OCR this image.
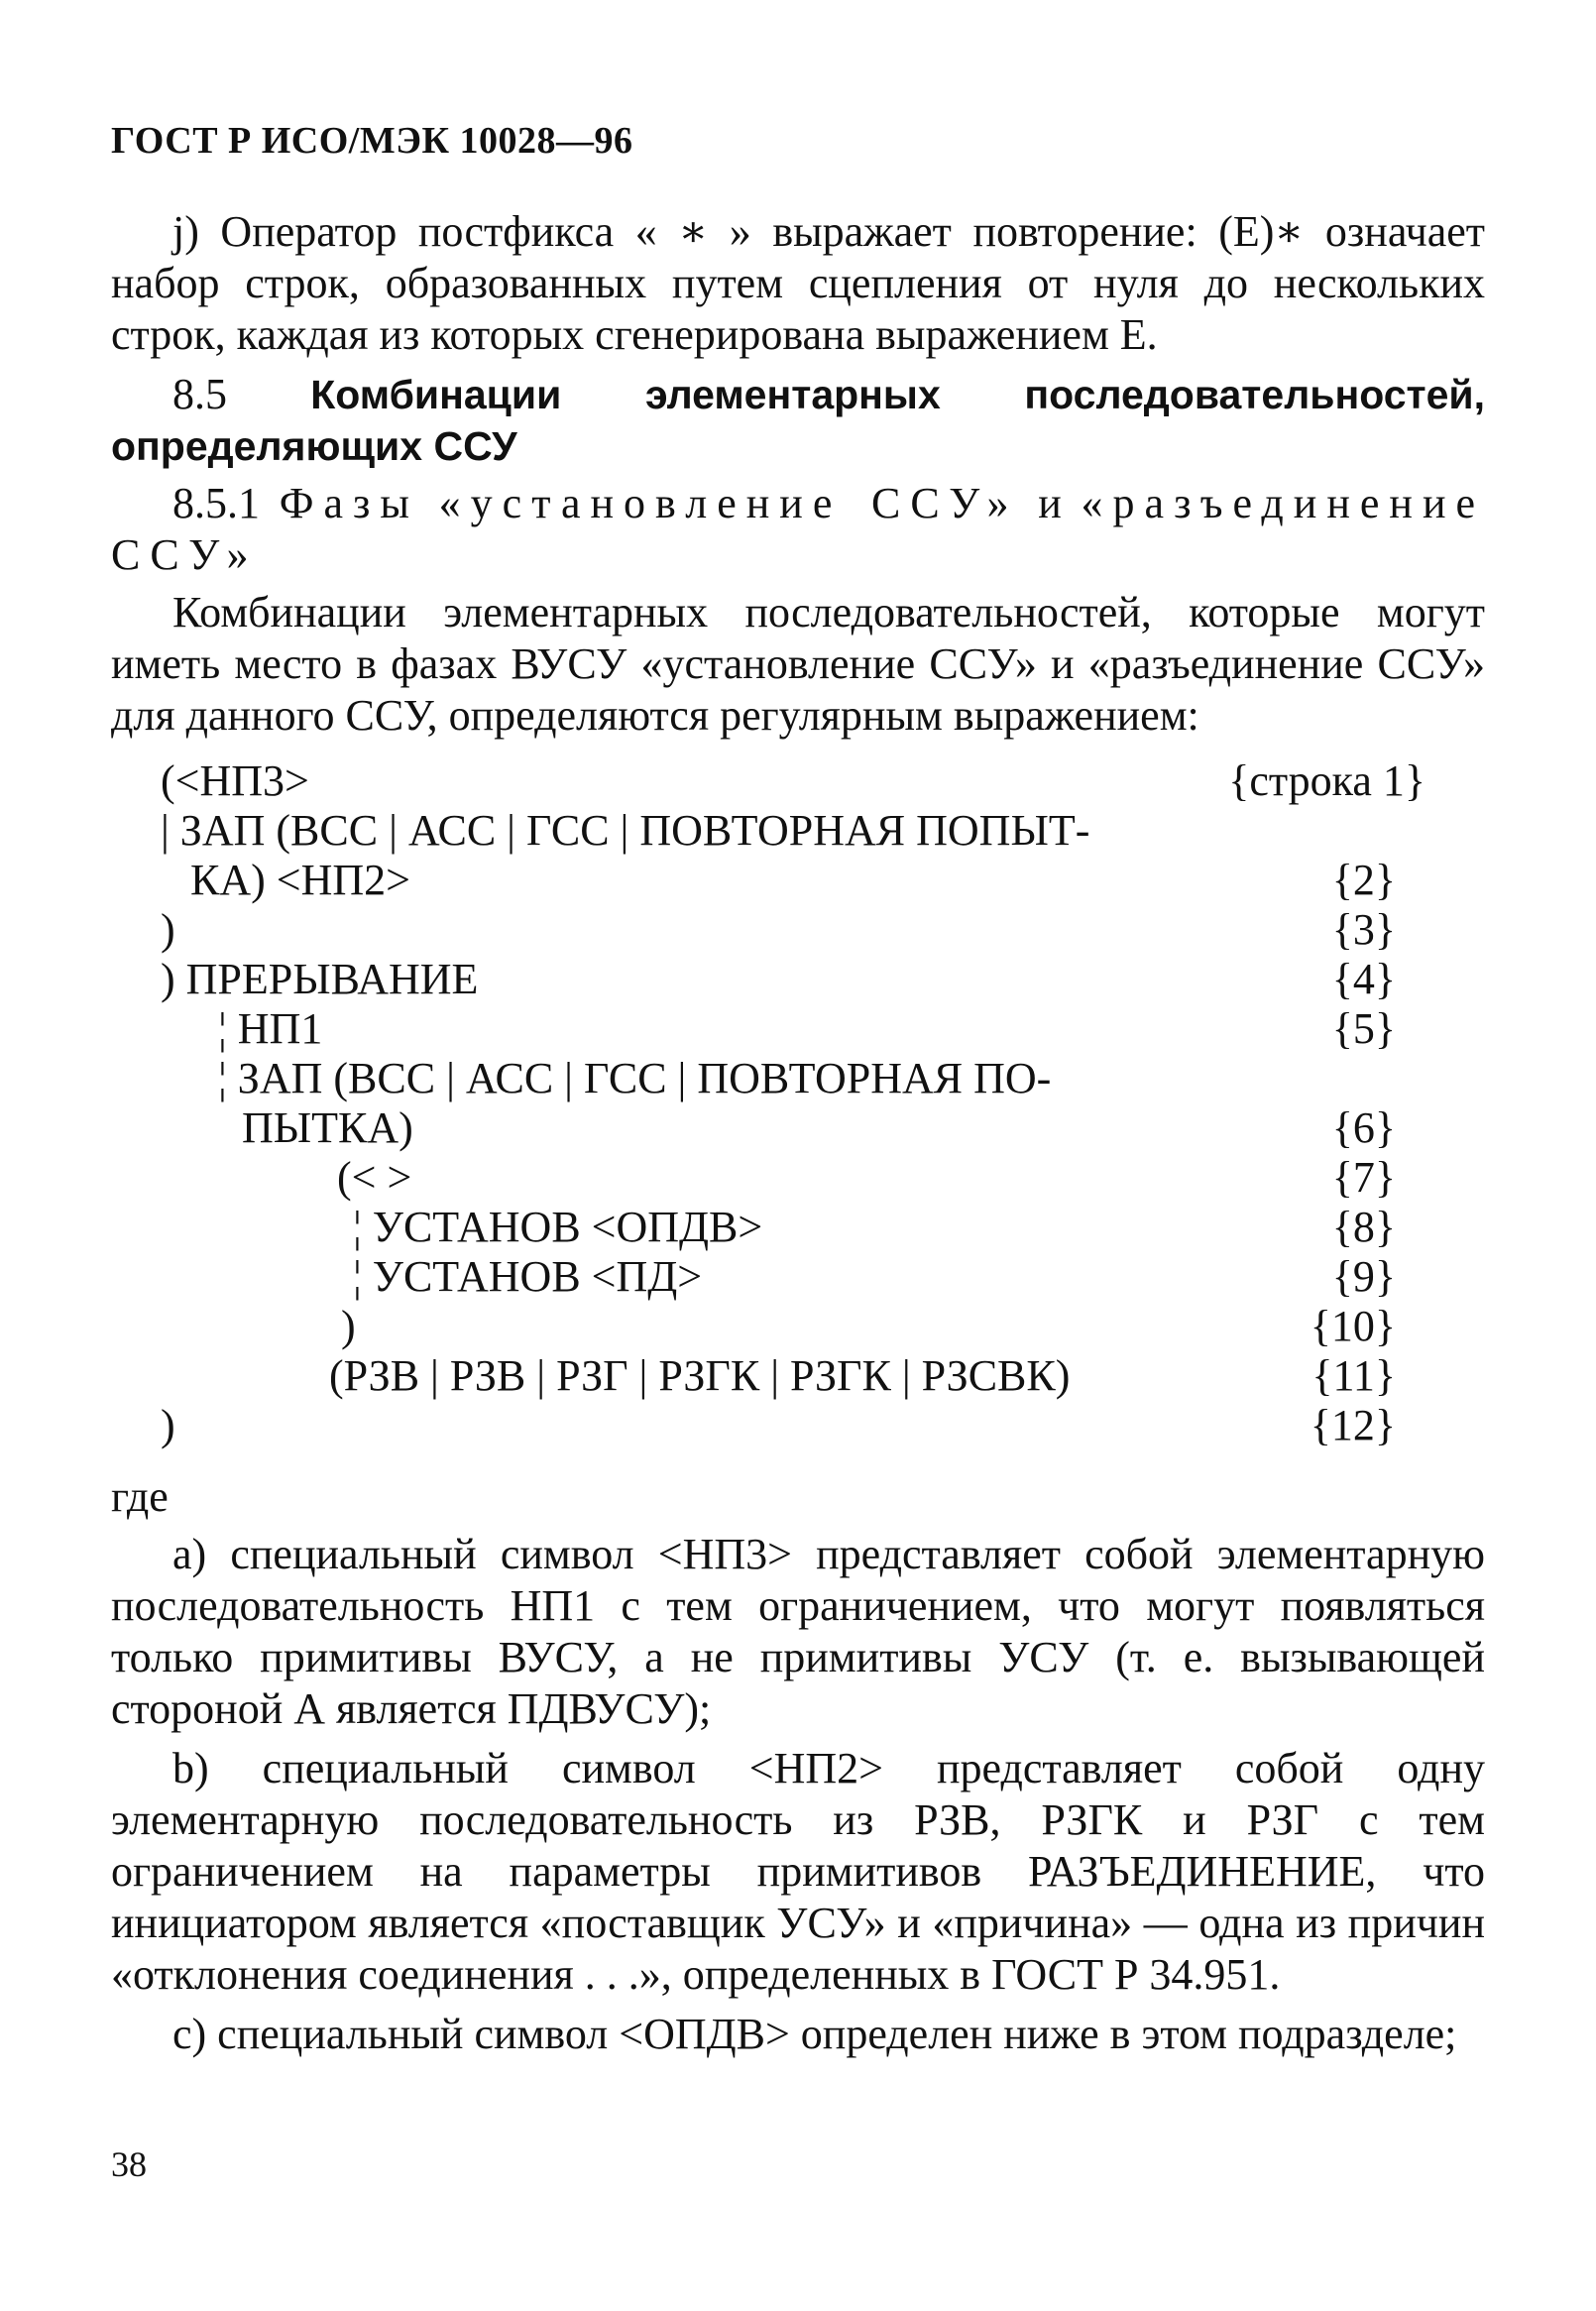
ГОСТ Р ИСО/МЭК 10028—96

j) Оператор постфикса « ∗ » выражает повторение: (E)∗ означает набор строк, образованных путем сцепления от нуля до нескольких строк, каждая из которых сгенерирована выражением E.

8.5 Комбинации элементарных последовательностей, определяющих ССУ

8.5.1 Фазы «установление ССУ» и «разъединение ССУ»

Комбинации элементарных последовательностей, которые могут иметь место в фазах ВУСУ «установление ССУ» и «разъединение ССУ» для данного ССУ, определяются регулярным выражением:

(<НП3>	{строка 1}
| ЗАП (ВСС | АСС | ГСС | ПОВТОРНАЯ ПОПЫТ-
КА) <НП2>	{2}
)	{3}
) ПРЕРЫВАНИЕ	{4}
¦ НП1	{5}
¦ ЗАП (ВСС | АСС | ГСС | ПОВТОРНАЯ ПО-
ПЫТКА)	{6}
(< >	{7}
¦ УСТАНОВ <ОПДВ>	{8}
¦ УСТАНОВ <ПД>	{9}
)	{10}
(РЗВ | РЗВ | РЗГ | РЗГК | РЗГК | РЗСВК)	{11}
)	{12}

где

а) специальный символ <НП3> представляет собой элементарную последовательность НП1 с тем ограничением, что могут появляться только примитивы ВУСУ, а не примитивы УСУ (т. е. вызывающей стороной А является ПДВУСУ);

b) специальный символ <НП2> представляет собой одну элементарную последовательность из РЗВ, РЗГК и РЗГ с тем ограничением на параметры примитивов РАЗЪЕДИНЕНИЕ, что инициатором является «поставщик УСУ» и «причина» — одна из причин «отклонения соединения . . .», определенных в ГОСТ Р 34.951.

с) специальный символ <ОПДВ> определен ниже в этом подразделе;

38
